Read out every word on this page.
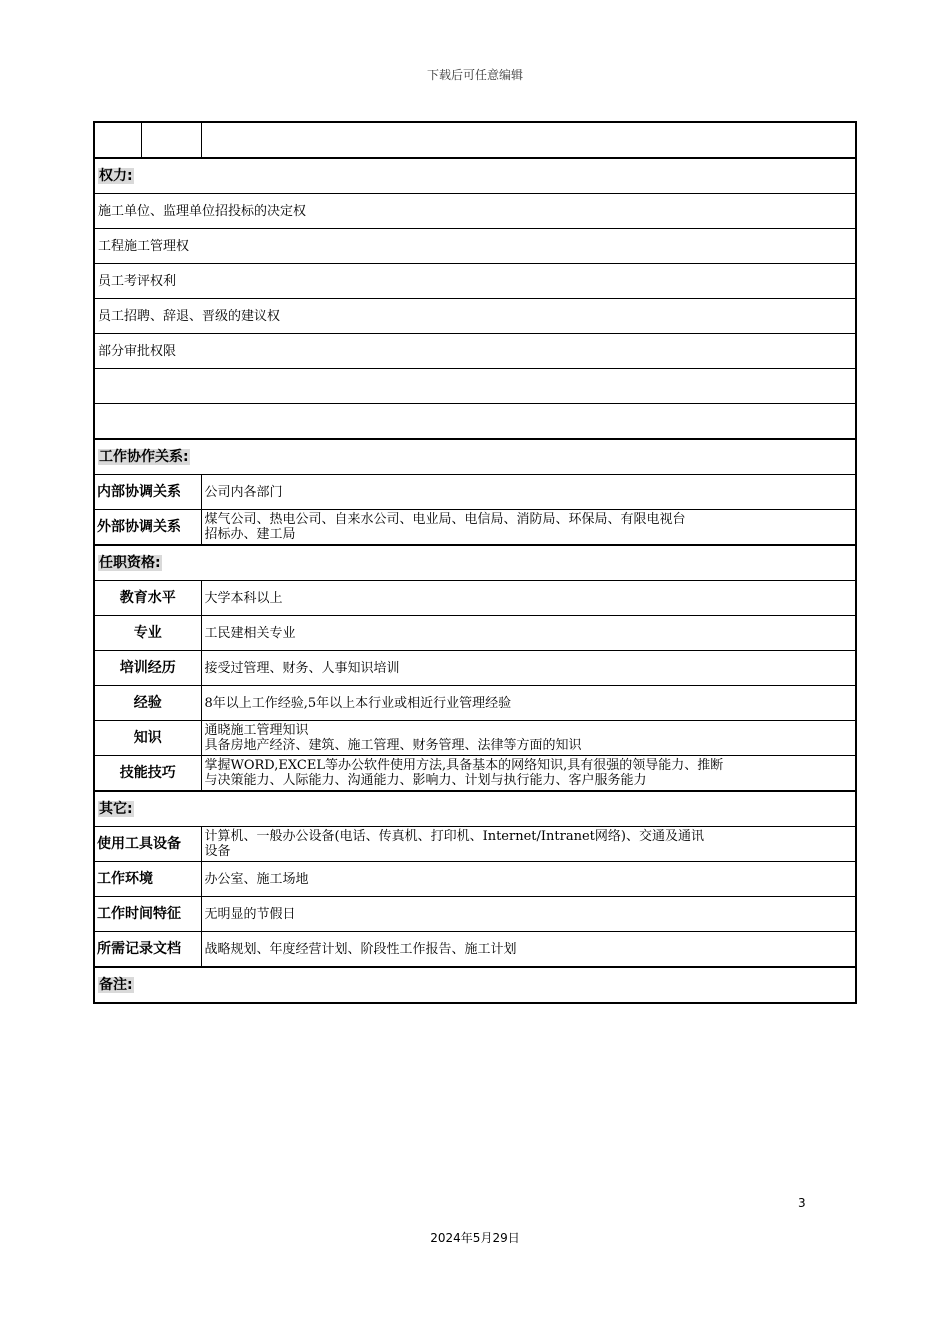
下载后可任意编辑

权力:		
施工单位、监理单位招投标的决定权		
工程施工管理权		
员工考评权利		
员工招聘、辞退、晋级的建议权		
部分审批权限		

工作协作关系:		
内部协调关系		公司内各部门
外部协调关系		煤气公司、热电公司、自来水公司、电业局、电信局、消防局、环保局、有限电视台
招标办、建工局

任职资格:		
教育水平		大学本科以上
专业		工民建相关专业
培训经历		接受过管理、财务、人事知识培训
经验		8年以上工作经验,5年以上本行业或相近行业管理经验
知识		通晓施工管理知识
具备房地产经济、建筑、施工管理、财务管理、法律等方面的知识

技能技巧		掌握WORD,EXCEL等办公软件使用方法,具备基本的网络知识,具有很强的领导能力、推断
与决策能力、人际能力、沟通能力、影响力、计划与执行能力、客户服务能力

其它:		
使用工具设备		计算机、一般办公设备(电话、传真机、打印机、Internet/Intranet网络)、交通及通讯
设备

工作环境		办公室、施工场地
工作时间特征		无明显的节假日
所需记录文档		战略规划、年度经营计划、阶段性工作报告、施工计划
备注:		
3
2024年5月29日
